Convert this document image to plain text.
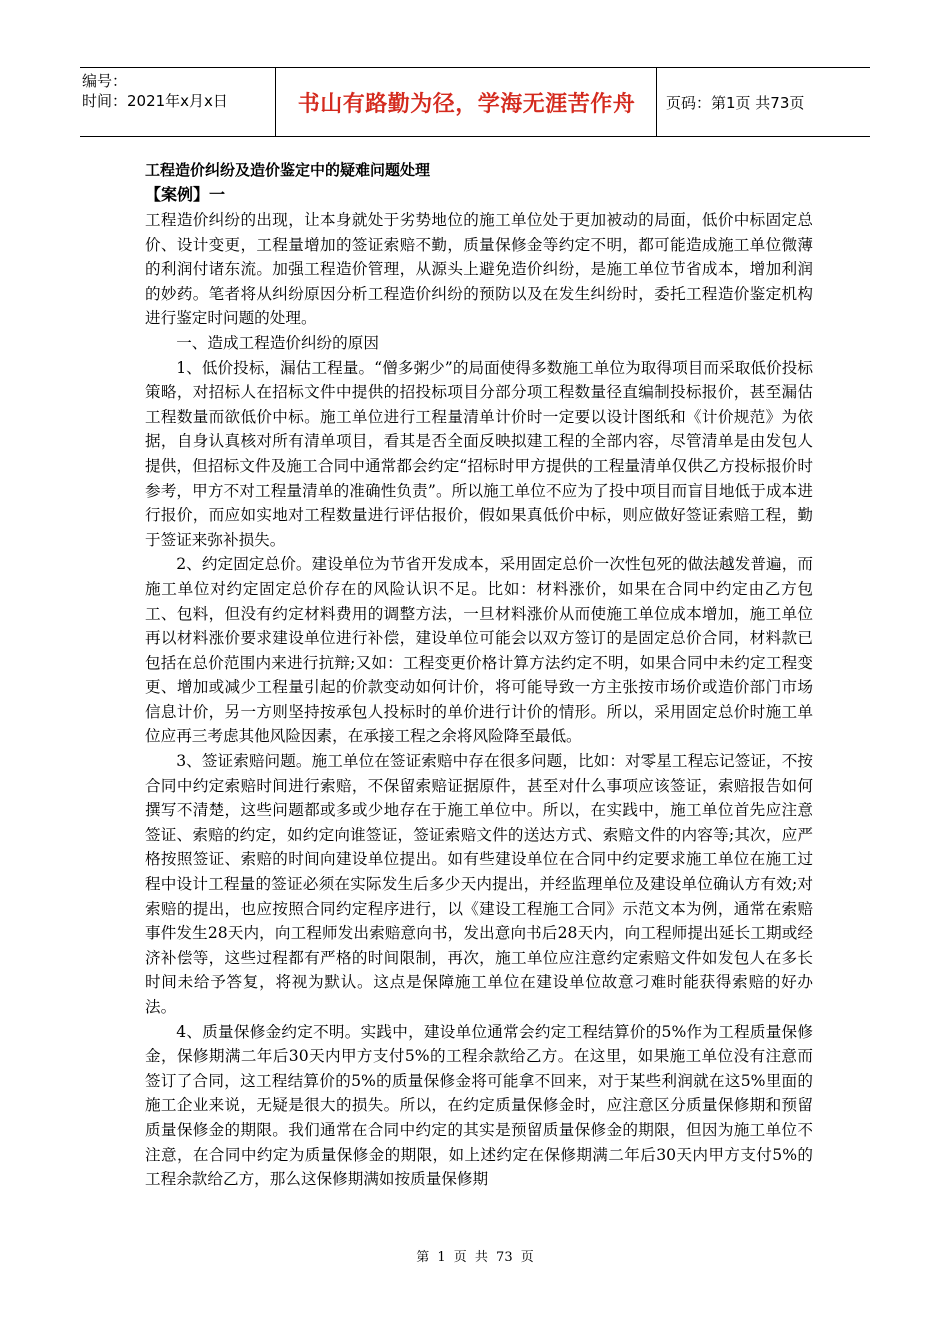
编号：
时间：2021年x月x日	书山有路勤为径，学海无涯苦作舟	页码：第1页 共73页

工程造价纠纷及造价鉴定中的疑难问题处理

【案例】一

工程造价纠纷的出现，让本身就处于劣势地位的施工单位处于更加被动的局面，低价中标固定总价、设计变更，工程量增加的签证索赔不勤，质量保修金等约定不明，都可能造成施工单位微薄的利润付诸东流。加强工程造价管理，从源头上避免造价纠纷，是施工单位节省成本，增加利润的妙药。笔者将从纠纷原因分析工程造价纠纷的预防以及在发生纠纷时，委托工程造价鉴定机构进行鉴定时问题的处理。

一、造成工程造价纠纷的原因

1、低价投标，漏估工程量。“僧多粥少”的局面使得多数施工单位为取得项目而采取低价投标策略，对招标人在招标文件中提供的招投标项目分部分项工程数量径直编制投标报价，甚至漏估工程数量而欲低价中标。施工单位进行工程量清单计价时一定要以设计图纸和《计价规范》为依据，自身认真核对所有清单项目，看其是否全面反映拟建工程的全部内容，尽管清单是由发包人提供，但招标文件及施工合同中通常都会约定“招标时甲方提供的工程量清单仅供乙方投标报价时参考，甲方不对工程量清单的准确性负责”。所以施工单位不应为了投中项目而盲目地低于成本进行报价，而应如实地对工程数量进行评估报价，假如果真低价中标，则应做好签证索赔工程，勤于签证来弥补损失。

2、约定固定总价。建设单位为节省开发成本，采用固定总价一次性包死的做法越发普遍，而施工单位对约定固定总价存在的风险认识不足。比如：材料涨价，如果在合同中约定由乙方包工、包料，但没有约定材料费用的调整方法，一旦材料涨价从而使施工单位成本增加，施工单位再以材料涨价要求建设单位进行补偿，建设单位可能会以双方签订的是固定总价合同，材料款已包括在总价范围内来进行抗辩;又如：工程变更价格计算方法约定不明，如果合同中未约定工程变更、增加或减少工程量引起的价款变动如何计价，将可能导致一方主张按市场价或造价部门市场信息计价，另一方则坚持按承包人投标时的单价进行计价的情形。所以，采用固定总价时施工单位应再三考虑其他风险因素，在承接工程之余将风险降至最低。

3、签证索赔问题。施工单位在签证索赔中存在很多问题，比如：对零星工程忘记签证，不按合同中约定索赔时间进行索赔，不保留索赔证据原件，甚至对什么事项应该签证，索赔报告如何撰写不清楚，这些问题都或多或少地存在于施工单位中。所以，在实践中，施工单位首先应注意签证、索赔的约定，如约定向谁签证，签证索赔文件的送达方式、索赔文件的内容等;其次，应严格按照签证、索赔的时间向建设单位提出。如有些建设单位在合同中约定要求施工单位在施工过程中设计工程量的签证必须在实际发生后多少天内提出，并经监理单位及建设单位确认方有效;对索赔的提出，也应按照合同约定程序进行，以《建设工程施工合同》示范文本为例，通常在索赔事件发生28天内，向工程师发出索赔意向书，发出意向书后28天内，向工程师提出延长工期或经济补偿等，这些过程都有严格的时间限制，再次，施工单位应注意约定索赔文件如发包人在多长时间未给予答复，将视为默认。这点是保障施工单位在建设单位故意刁难时能获得索赔的好办法。

4、质量保修金约定不明。实践中，建设单位通常会约定工程结算价的5%作为工程质量保修金，保修期满二年后30天内甲方支付5%的工程余款给乙方。在这里，如果施工单位没有注意而签订了合同，这工程结算价的5%的质量保修金将可能拿不回来，对于某些利润就在这5%里面的施工企业来说，无疑是很大的损失。所以，在约定质量保修金时，应注意区分质量保修期和预留质量保修金的期限。我们通常在合同中约定的其实是预留质量保修金的期限，但因为施工单位不注意，在合同中约定为质量保修金的期限，如上述约定在保修期满二年后30天内甲方支付5%的工程余款给乙方，那么这保修期满如按质量保修期

第 1 页 共 73 页
